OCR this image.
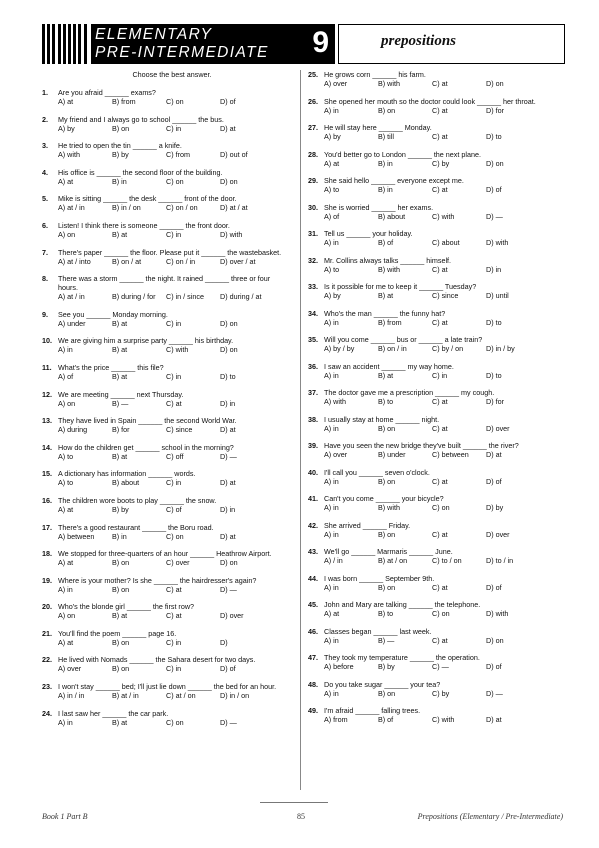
ELEMENTARY
PRE-INTERMEDIATE 9	prepositions
Choose the best answer.
1. Are you afraid ______ exams?
A) at	B) from	C) on	D) of
2. My friend and I always go to school ______ the bus.
A) by	B) on	C) in	D) at
3. He tried to open the tin ______ a knife.
A) with	B) by	C) from	D) out of
4. His office is ______ the second floor of the building.
A) at	B) in	C) on	D) on
5. Mike is sitting ______ the desk ______ front of the door.
A) at / in	B) in / on	C) on / on	D) at / at
6. Listen! I think there is someone ______ the front door.
A) on	B) at	C) in	D) with
7. There's paper ______ the floor. Please put it ______ the wastebasket.
A) at / into	B) on / at	C) on / in	D) over / at
8. There was a storm ______ the night. It rained ______ three or four hours.
A) at / in	B) during / for	C) in / since	D) during / at
9. See you ______ Monday morning.
A) under	B) at	C) in	D) on
10. We are giving him a surprise party ______ his birthday.
A) in	B) at	C) with	D) on
11. What's the price ______ this file?
A) of	B) at	C) in	D) to
12. We are meeting ______ next Thursday.
A) on	B) —	C) at	D) in
13. They have lived in Spain ______ the second World War.
A) during	B) for	C) since	D) at
14. How do the children get ______ school in the morning?
A) to	B) at	C) off	D) —
15. A dictionary has information ______ words.
A) to	B) about	C) in	D) at
16. The children wore boots to play ______ the snow.
A) at	B) by	C) of	D) in
17. There's a good restaurant ______ the Boru road.
A) between	B) in	C) on	D) at
18. We stopped for three-quarters of an hour ______ Heathrow Airport.
A) at	B) on	C) over	D) on
19. Where is your mother? Is she ______ the hairdresser's again?
A) in	B) on	C) at	D) —
20. Who's the blonde girl ______ the first row?
A) on	B) at	C) at	D) over
21. You'll find the poem ______ page 16.
A) at	B) on	C) in	D)
22. He lived with Nomads ______ the Sahara desert for two days.
A) over	B) on	C) in	D) of
23. I won't stay ______ bed; I'll just lie down ______ the bed for an hour.
A) in / in	B) at / in	C) at / on	D) in / on
24. I last saw her ______ the car park.
A) in	B) at	C) on	D) —
25. He grows corn ______ his farm.
A) over	B) with	C) at	D) on
26. She opened her mouth so the doctor could look ______ her throat.
A) in	B) on	C) at	D) for
27. He will stay here ______ Monday.
A) by	B) till	C) at	D) to
28. You'd better go to London ______ the next plane.
A) at	B) in	C) by	D) on
29. She said hello ______ everyone except me.
A) to	B) in	C) at	D) of
30. She is worried ______ her exams.
A) of	B) about	C) with	D) —
31. Tell us ______ your holiday.
A) in	B) of	C) about	D) with
32. Mr. Collins always talks ______ himself.
A) to	B) with	C) at	D) in
33. Is it possible for me to keep it ______ Tuesday?
A) by	B) at	C) since	D) until
34. Who's the man ______ the funny hat?
A) in	B) from	C) at	D) to
35. Will you come ______ bus or ______ a late train?
A) by / by	B) on / in	C) by / on	D) in / by
36. I saw an accident ______ my way home.
A) in	B) at	C) in	D) to
37. The doctor gave me a prescription ______ my cough.
A) with	B) to	C) at	D) for
38. I usually stay at home ______ night.
A) in	B) on	C) at	D) over
39. Have you seen the new bridge they've built ______ the river?
A) over	B) under	C) between	D) at
40. I'll call you ______ seven o'clock.
A) in	B) on	C) at	D) of
41. Can't you come ______ your bicycle?
A) in	B) with	C) on	D) by
42. She arrived ______ Friday.
A) in	B) on	C) at	D) over
43. We'll go ______ Marmaris ______ June.
A) / in	B) at / on	C) to / on	D) to / in
44. I was born ______ September 9th.
A) in	B) on	C) at	D) of
45. John and Mary are talking ______ the telephone.
A) at	B) to	C) on	D) with
46. Classes began ______ last week.
A) in	B) —	C) at	D) on
47. They took my temperature ______ the operation.
A) before	B) by	C) —	D) of
48. Do you take sugar ______ your tea?
A) in	B) on	C) by	D) —
49. I'm afraid ______ falling trees.
A) from	B) of	C) with	D) at
Book 1 Part B	85	Prepositions (Elementary / Pre-Intermediate)
